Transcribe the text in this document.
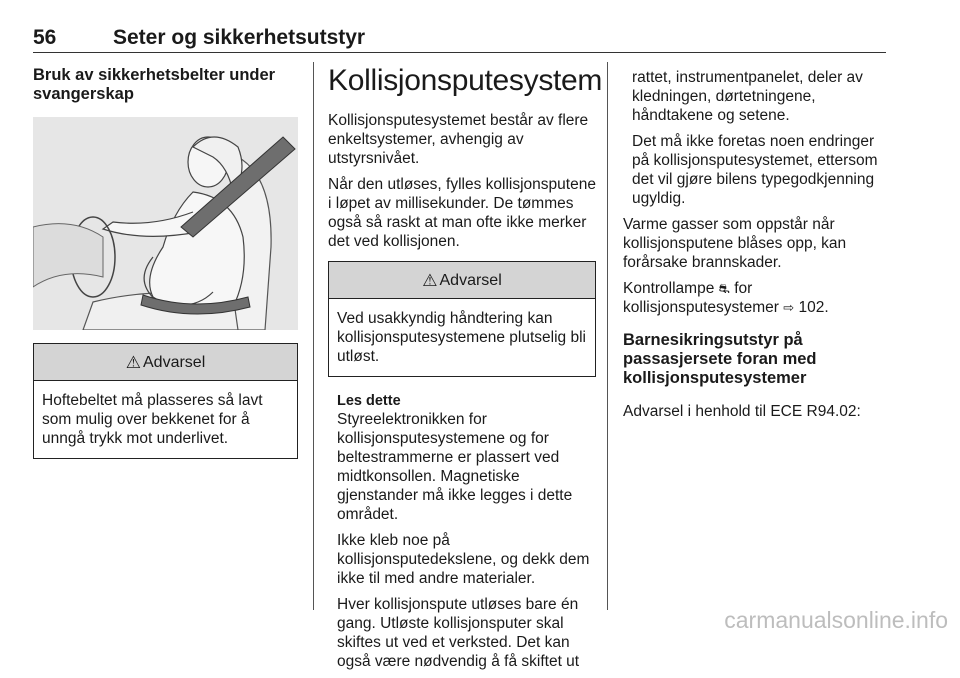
56	Seter og sikkerhetsutstyr
Bruk av sikkerhetsbelter under svangerskap
⚠ Advarsel
Hoftebeltet må plasseres så lavt som mulig over bekkenet for å unngå trykk mot underlivet.
Kollisjonsputesystem

Kollisjonsputesystemet består av flere enkeltsystemer, avhengig av utstyrsnivået.

Når den utløses, fylles kollisjonsputene i løpet av millisekunder. De tømmes også så raskt at man ofte ikke merker det ved kollisjonen.

⚠ Advarsel
Ved usakkyndig håndtering kan kollisjonsputesystemene plutselig bli utløst.
Les dette

Styreelektronikken for kollisjonsputesystemene og for beltestrammerne er plassert ved midtkonsollen. Magnetiske gjenstander må ikke legges i dette området.

Ikke kleb noe på kollisjonsputedekslene, og dekk dem ikke til med andre materialer.

Hver kollisjonspute utløses bare én gang. Utløste kollisjonsputer skal skiftes ut ved et verksted. Det kan også være nødvendig å få skiftet ut

rattet, instrumentpanelet, deler av kledningen, dørtetningene, håndtakene og setene.

Det må ikke foretas noen endringer på kollisjonsputesystemet, ettersom det vil gjøre bilens typegodkjenning ugyldig.

Varme gasser som oppstår når kollisjonsputene blåses opp, kan forårsake brannskader.

Kontrollampe ⛐ for kollisjonsputesystemer ⇨ 102.

Barnesikringsutstyr på passasjersete foran med kollisjonsputesystemer

Advarsel i henhold til ECE R94.02:

carmanualsonline.info
